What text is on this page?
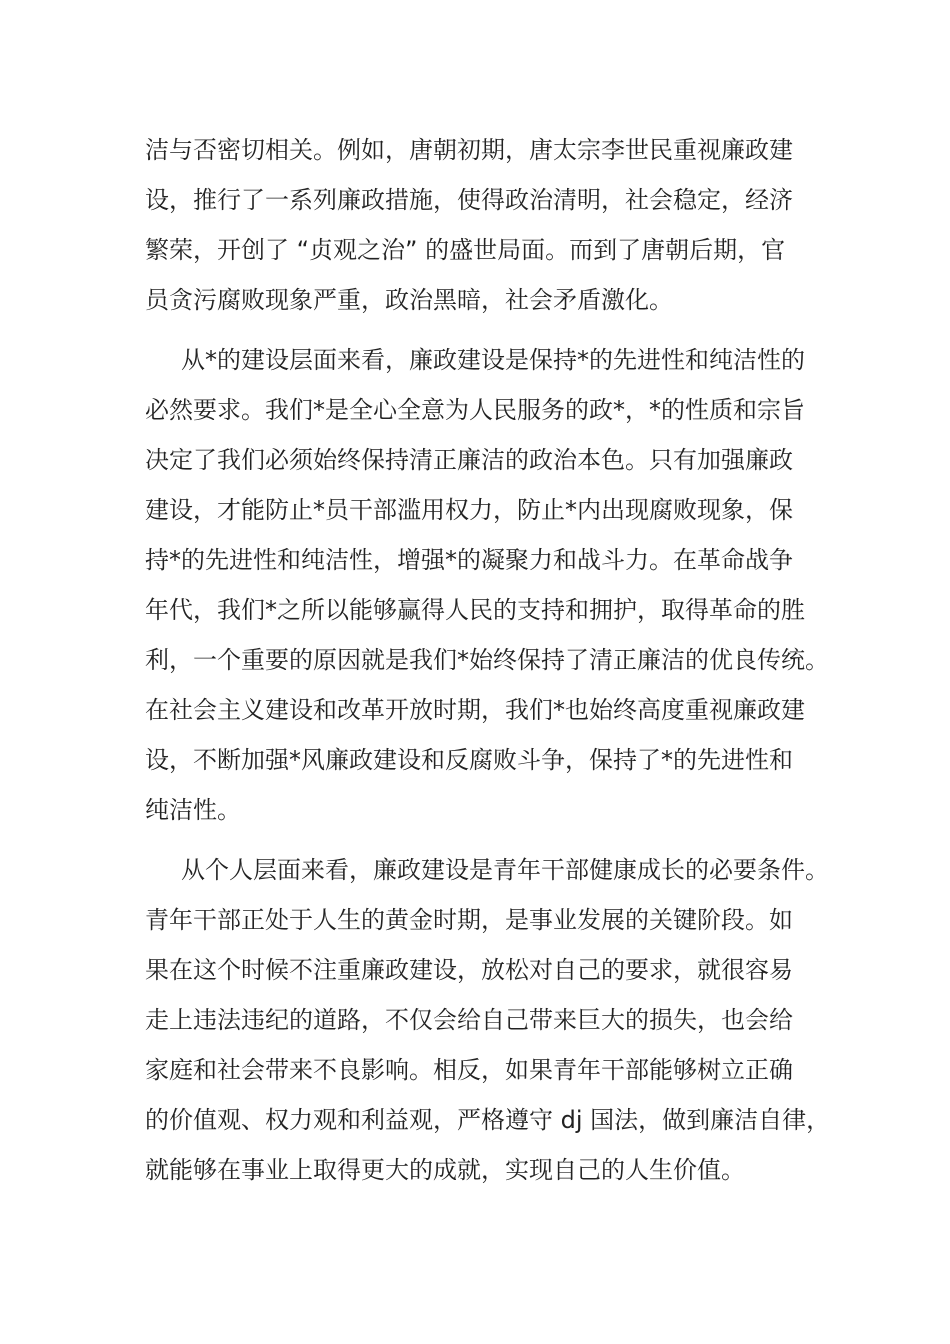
洁与否密切相关。例如，唐朝初期，唐太宗李世民重视廉政建
设，推行了一系列廉政措施，使得政治清明，社会稳定，经济
繁荣，开创了 “贞观之治” 的盛世局面。而到了唐朝后期，官
员贪污腐败现象严重，政治黑暗，社会矛盾激化。
从*的建设层面来看，廉政建设是保持*的先进性和纯洁性的
必然要求。我们*是全心全意为人民服务的政*，*的性质和宗旨
决定了我们必须始终保持清正廉洁的政治本色。只有加强廉政
建设，才能防止*员干部滥用权力，防止*内出现腐败现象，保
持*的先进性和纯洁性，增强*的凝聚力和战斗力。在革命战争
年代，我们*之所以能够赢得人民的支持和拥护，取得革命的胜
利，一个重要的原因就是我们*始终保持了清正廉洁的优良传统。
在社会主义建设和改革开放时期，我们*也始终高度重视廉政建
设，不断加强*风廉政建设和反腐败斗争，保持了*的先进性和
纯洁性。
从个人层面来看，廉政建设是青年干部健康成长的必要条件。
青年干部正处于人生的黄金时期，是事业发展的关键阶段。如
果在这个时候不注重廉政建设，放松对自己的要求，就很容易
走上违法违纪的道路，不仅会给自己带来巨大的损失，也会给
家庭和社会带来不良影响。相反，如果青年干部能够树立正确
的价值观、权力观和利益观，严格遵守 dj 国法，做到廉洁自律，
就能够在事业上取得更大的成就，实现自己的人生价值。
